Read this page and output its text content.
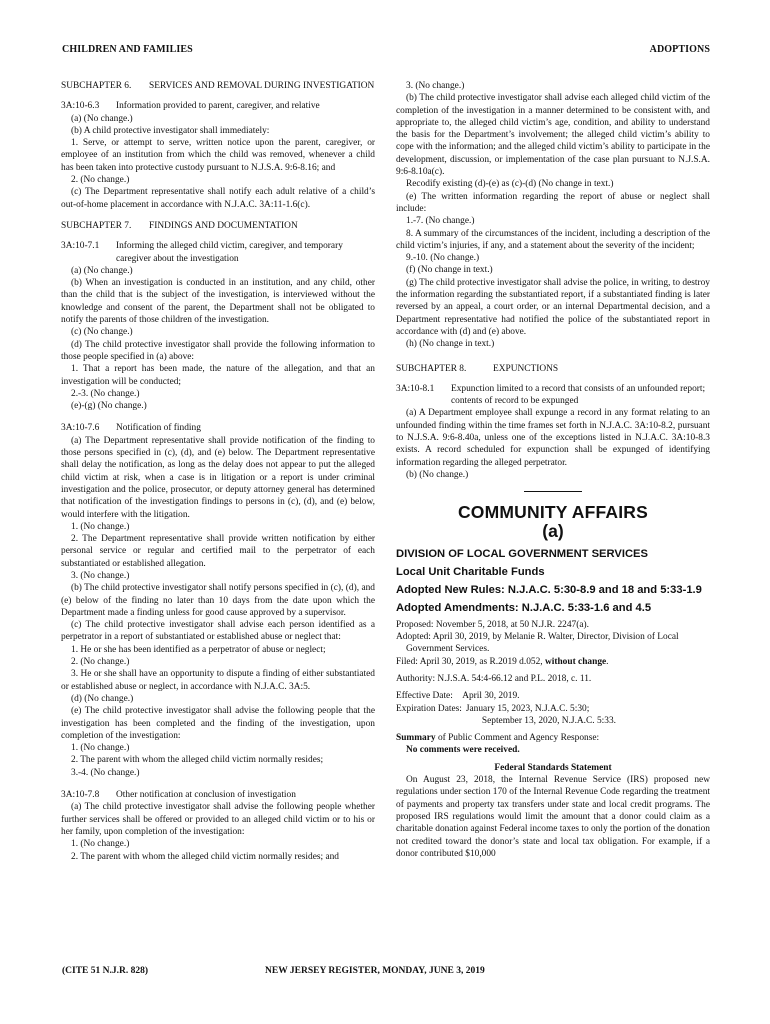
CHILDREN AND FAMILIES	ADOPTIONS
SUBCHAPTER 6.	SERVICES AND REMOVAL DURING INVESTIGATION
3A:10-6.3	Information provided to parent, caregiver, and relative

(a) (No change.)

(b) A child protective investigator shall immediately:

1. Serve, or attempt to serve, written notice upon the parent, caregiver, or employee of an institution from which the child was removed, whenever a child has been taken into protective custody pursuant to N.J.S.A. 9:6-8.16; and

2. (No change.)

(c) The Department representative shall notify each adult relative of a child’s out-of-home placement in accordance with N.J.A.C. 3A:11-1.6(c).

SUBCHAPTER 7.	FINDINGS AND DOCUMENTATION
3A:10-7.1	Informing the alleged child victim, caregiver, and temporary caregiver about the investigation

(a) (No change.)

(b) When an investigation is conducted in an institution, and any child, other than the child that is the subject of the investigation, is interviewed without the knowledge and consent of the parent, the Department shall not be obligated to notify the parents of those children of the investigation.

(c) (No change.)

(d) The child protective investigator shall provide the following information to those people specified in (a) above:

1. That a report has been made, the nature of the allegation, and that an investigation will be conducted;

2.-3. (No change.)

(e)-(g) (No change.)

3A:10-7.6	Notification of finding

(a) The Department representative shall provide notification of the finding to those persons specified in (c), (d), and (e) below. The Department representative shall delay the notification, as long as the delay does not appear to put the alleged child victim at risk, when a case is in litigation or a report is under criminal investigation and the police, prosecutor, or deputy attorney general has determined that notification of the investigation findings to persons in (c), (d), and (e) below, would interfere with the litigation.

1. (No change.)

2. The Department representative shall provide written notification by either personal service or regular and certified mail to the perpetrator of each substantiated or established allegation.

3. (No change.)

(b) The child protective investigator shall notify persons specified in (c), (d), and (e) below of the finding no later than 10 days from the date upon which the Department made a finding unless for good cause approved by a supervisor.

(c) The child protective investigator shall advise each person identified as a perpetrator in a report of substantiated or established abuse or neglect that:

1. He or she has been identified as a perpetrator of abuse or neglect;

2. (No change.)

3. He or she shall have an opportunity to dispute a finding of either substantiated or established abuse or neglect, in accordance with N.J.A.C. 3A:5.

(d) (No change.)

(e) The child protective investigator shall advise the following people that the investigation has been completed and the finding of the investigation, upon completion of the investigation:

1. (No change.)

2. The parent with whom the alleged child victim normally resides;

3.-4. (No change.)

3A:10-7.8	Other notification at conclusion of investigation

(a) The child protective investigator shall advise the following people whether further services shall be offered or provided to an alleged child victim or to his or her family, upon completion of the investigation:

1. (No change.)

2. The parent with whom the alleged child victim normally resides; and

3. (No change.)

(b) The child protective investigator shall advise each alleged child victim of the completion of the investigation in a manner determined to be consistent with, and appropriate to, the alleged child victim’s age, condition, and ability to understand the basis for the Department’s involvement; the alleged child victim’s ability to cope with the information; and the alleged child victim’s ability to participate in the development, discussion, or implementation of the case plan pursuant to N.J.S.A. 9:6-8.10a(c).

Recodify existing (d)-(e) as (c)-(d) (No change in text.)

(e) The written information regarding the report of abuse or neglect shall include:

1.-7. (No change.)

8. A summary of the circumstances of the incident, including a description of the child victim’s injuries, if any, and a statement about the severity of the incident;

9.-10. (No change.)

(f) (No change in text.)

(g) The child protective investigator shall advise the police, in writing, to destroy the information regarding the substantiated report, if a substantiated finding is later reversed by an appeal, a court order, or an internal Departmental decision, and a Department representative had notified the police of the substantiated report in accordance with (d) and (e) above.

(h) (No change in text.)

SUBCHAPTER 8.	EXPUNCTIONS
3A:10-8.1	Expunction limited to a record that consists of an unfounded report; contents of record to be expunged

(a) A Department employee shall expunge a record in any format relating to an unfounded finding within the time frames set forth in N.J.A.C. 3A:10-8.2, pursuant to N.J.S.A. 9:6-8.40a, unless one of the exceptions listed in N.J.A.C. 3A:10-8.3 exists. A record scheduled for expunction shall be expunged of identifying information regarding the alleged perpetrator.

(b) (No change.)

COMMUNITY AFFAIRS
(a)
DIVISION OF LOCAL GOVERNMENT SERVICES
Local Unit Charitable Funds
Adopted New Rules: N.J.A.C. 5:30-8.9 and 18 and 5:33-1.9
Adopted Amendments: N.J.A.C. 5:33-1.6 and 4.5

Proposed: November 5, 2018, at 50 N.J.R. 2247(a).

Adopted: April 30, 2019, by Melanie R. Walter, Director, Division of Local Government Services.

Filed: April 30, 2019, as R.2019 d.052, without change.

Authority: N.J.S.A. 54:4-66.12 and P.L. 2018, c. 11.

Effective Date:    April 30, 2019.

Expiration Dates: January 15, 2023, N.J.A.C. 5:30;
September 13, 2020, N.J.A.C. 5:33.

Summary of Public Comment and Agency Response:

No comments were received.

Federal Standards Statement

On August 23, 2018, the Internal Revenue Service (IRS) proposed new regulations under section 170 of the Internal Revenue Code regarding the treatment of payments and property tax transfers under state and local credit programs. The proposed IRS regulations would limit the amount that a donor could claim as a charitable donation against Federal income taxes to only the portion of the donation not credited toward the donor’s state and local tax obligation. For example, if a donor contributed $10,000

(CITE 51 N.J.R. 828)	NEW JERSEY REGISTER, MONDAY, JUNE 3, 2019
